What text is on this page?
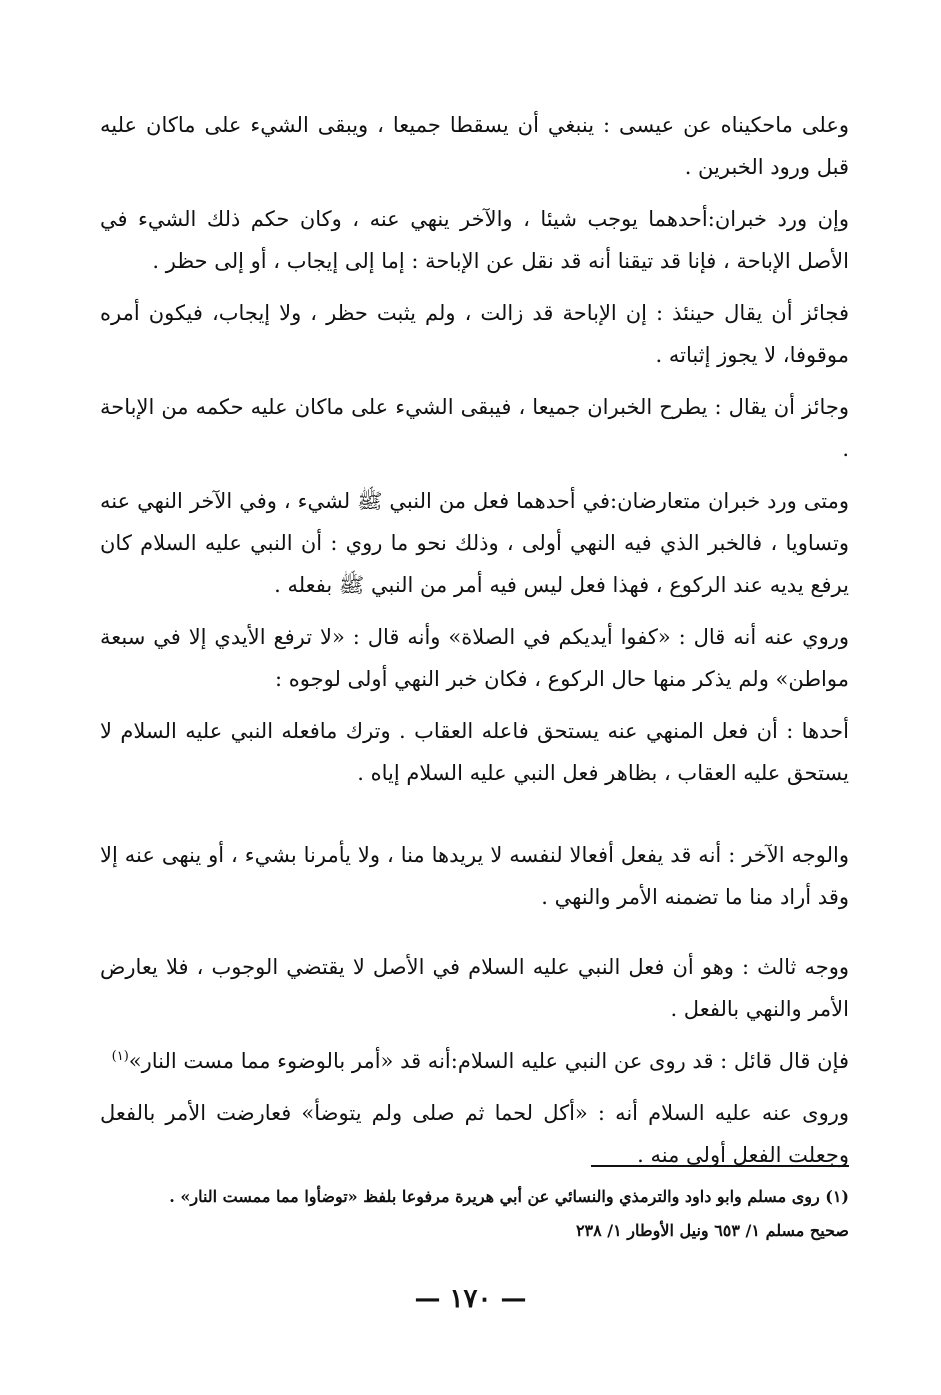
وعلى ماحكيناه عن عيسى : ينبغي أن يسقطا جميعا ، ويبقى الشيء على ماكان عليه قبل ورود الخبرين .

وإن ورد خبران:أحدهما يوجب شيئا ، والآخر ينهي عنه ، وكان حكم ذلك الشيء في الأصل الإباحة ، فإنا قد تيقنا أنه قد نقل عن الإباحة : إما إلى إيجاب ، أو إلى حظر .

فجائز أن يقال حينئذ : إن الإباحة قد زالت ، ولم يثبت حظر ، ولا إيجاب، فيكون أمره موقوفا، لا يجوز إثباته .

وجائز أن يقال : يطرح الخبران جميعا ، فيبقى الشيء على ماكان عليه حكمه من الإباحة .

ومتى ورد خبران متعارضان:في أحدهما فعل من النبي ﷺ لشيء ، وفي الآخر النهي عنه وتساويا ، فالخبر الذي فيه النهي أولى ، وذلك نحو ما روي : أن النبي عليه السلام كان يرفع يديه عند الركوع ، فهذا فعل ليس فيه أمر من النبي ﷺ بفعله .

وروي عنه أنه قال : «كفوا أيديكم في الصلاة» وأنه قال : «لا ترفع الأيدي إلا في سبعة مواطن» ولم يذكر منها حال الركوع ، فكان خبر النهي أولى لوجوه :

أحدها : أن فعل المنهي عنه يستحق فاعله العقاب . وترك مافعله النبي عليه السلام لا يستحق عليه العقاب ، بظاهر فعل النبي عليه السلام إياه .

والوجه الآخر : أنه قد يفعل أفعالا لنفسه لا يريدها منا ، ولا يأمرنا بشيء ، أو ينهى عنه إلا وقد أراد منا ما تضمنه الأمر والنهي .

ووجه ثالث : وهو أن فعل النبي عليه السلام في الأصل لا يقتضي الوجوب ، فلا يعارض الأمر والنهي بالفعل .

فإن قال قائل : قد روى عن النبي عليه السلام:أنه قد «أمر بالوضوء مما مست النار»$^{(١)}$

وروى عنه عليه السلام أنه : «أكل لحما ثم صلى ولم يتوضأ» فعارضت الأمر بالفعل وجعلت الفعل أولى منه .

(١) روى مسلم وابو داود والترمذي والنسائي عن أبي هريرة مرفوعا بلفظ «توضأوا مما ممست النار» .

صحيح مسلم ١/ ٦٥٣ ونيل الأوطار ١/ ٢٣٨

— ١٧٠ —
